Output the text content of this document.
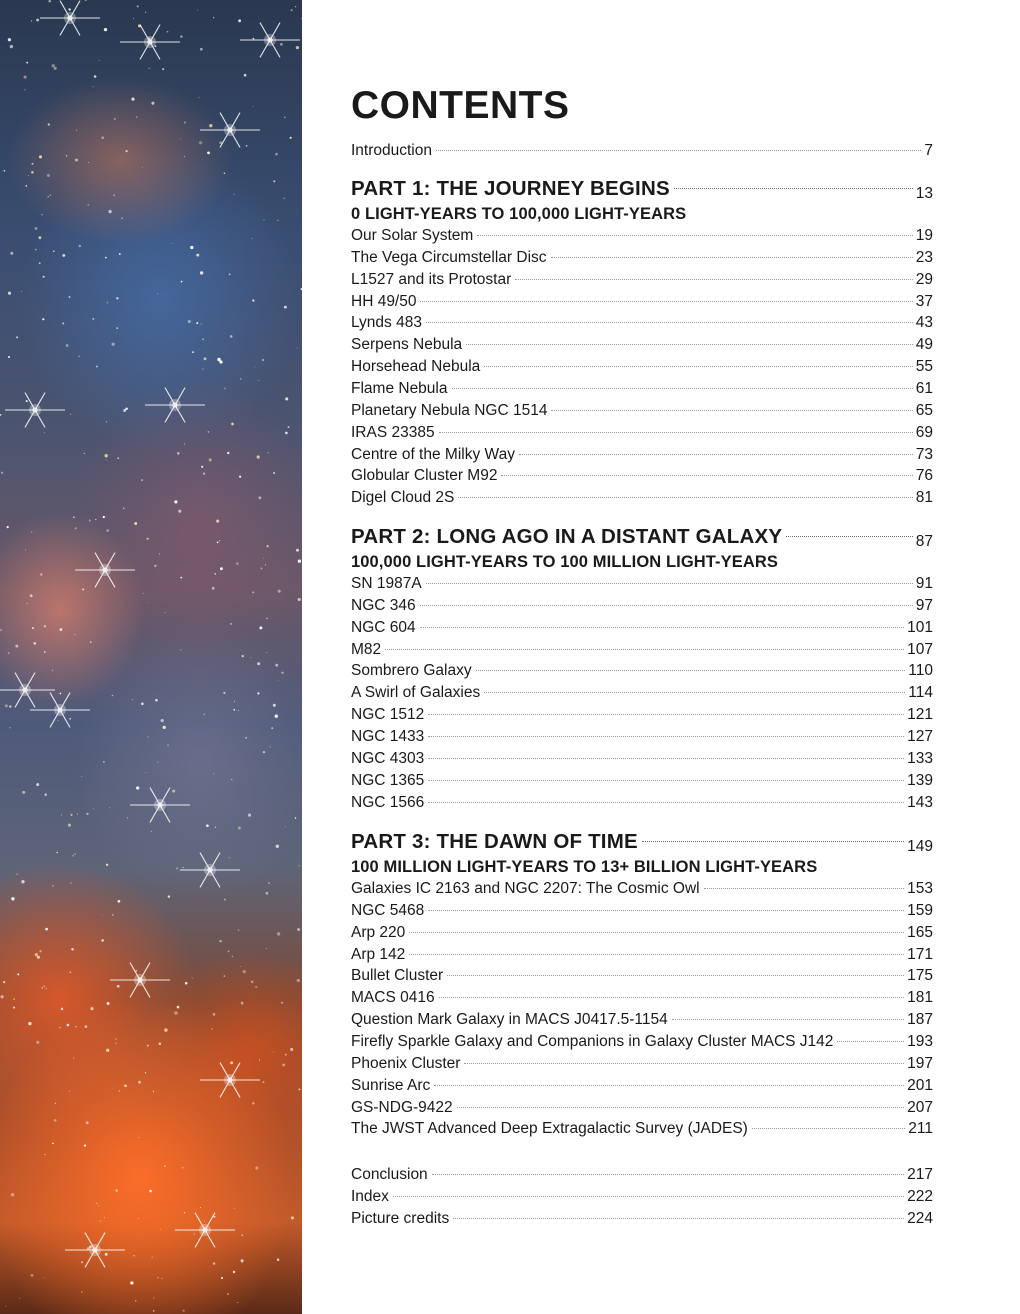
CONTENTS
Introduction	7
PART 1: THE JOURNEY BEGINS	13
0 LIGHT-YEARS TO 100,000 LIGHT-YEARS
Our Solar System	19
The Vega Circumstellar Disc	23
L1527 and its Protostar	29
HH 49/50	37
Lynds 483	43
Serpens Nebula	49
Horsehead Nebula	55
Flame Nebula	61
Planetary Nebula NGC 1514	65
IRAS 23385	69
Centre of the Milky Way	73
Globular Cluster M92	76
Digel Cloud 2S	81
PART 2: LONG AGO IN A DISTANT GALAXY	87
100,000 LIGHT-YEARS TO 100 MILLION LIGHT-YEARS
SN 1987A	91
NGC 346	97
NGC 604	101
M82	107
Sombrero Galaxy	110
A Swirl of Galaxies	114
NGC 1512	121
NGC 1433	127
NGC 4303	133
NGC 1365	139
NGC 1566	143
PART 3: THE DAWN OF TIME	149
100 MILLION LIGHT-YEARS TO 13+ BILLION LIGHT-YEARS
Galaxies IC 2163 and NGC 2207: The Cosmic Owl	153
NGC 5468	159
Arp 220	165
Arp 142	171
Bullet Cluster	175
MACS 0416	181
Question Mark Galaxy in MACS J0417.5-1154	187
Firefly Sparkle Galaxy and Companions in Galaxy Cluster MACS J142	193
Phoenix Cluster	197
Sunrise Arc	201
GS-NDG-9422	207
The JWST Advanced Deep Extragalactic Survey (JADES)	211
Conclusion	217
Index	222
Picture credits	224
